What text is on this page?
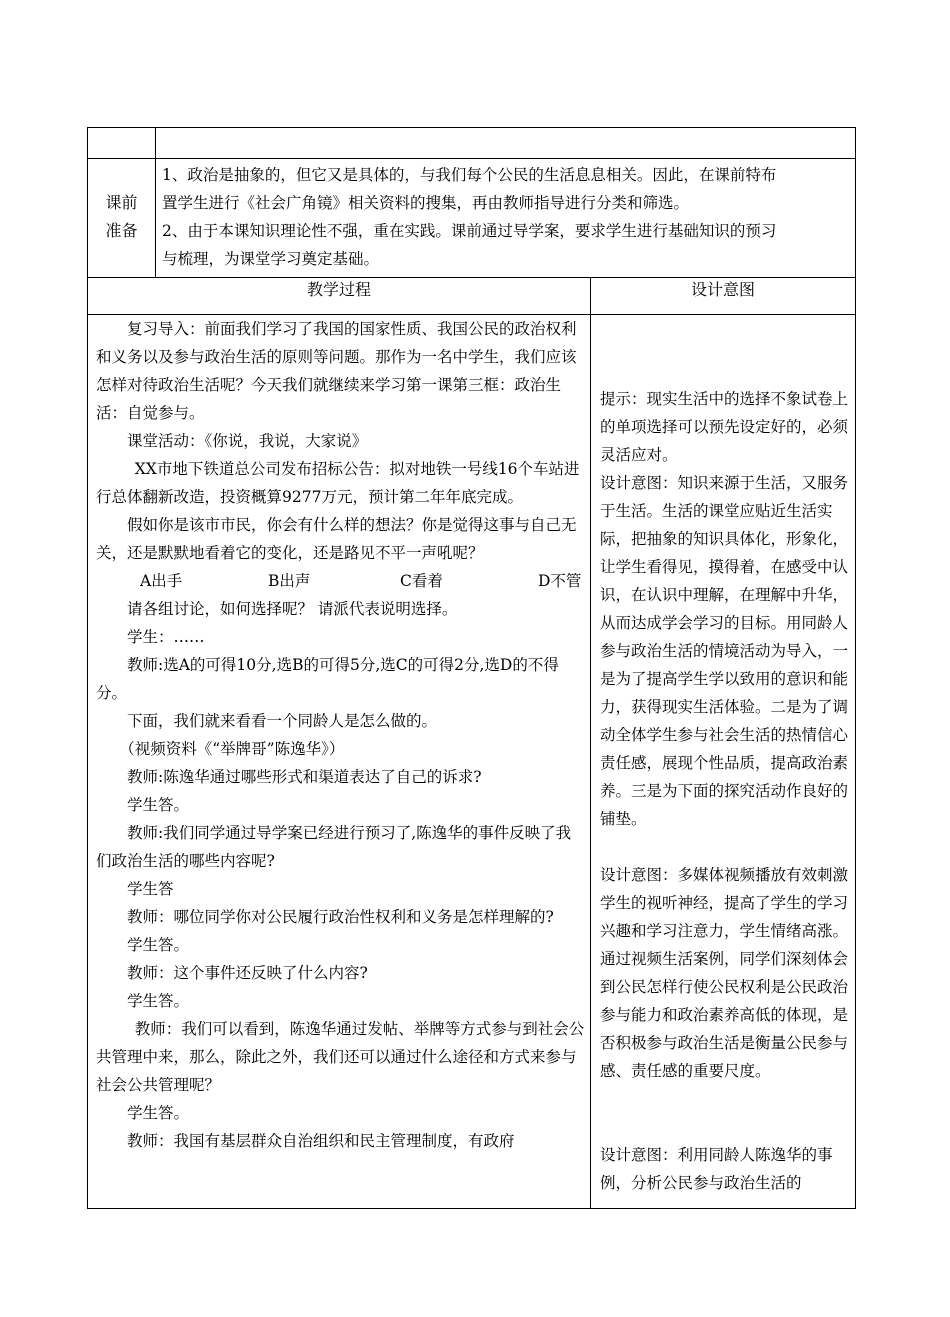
课前
准备

1、政治是抽象的，但它又是具体的，与我们每个公民的生活息息相关。因此，在课前特布

置学生进行《社会广角镜》相关资料的搜集，再由教师指导进行分类和筛选。

2、由于本课知识理论性不强，重在实践。课前通过导学案，要求学生进行基础知识的预习

与梳理，为课堂学习奠定基础。

教学过程	设计意图

复习导入：前面我们学习了我国的国家性质、我国公民的政治权利和义务以及参与政治生活的原则等问题。那作为一名中学生，我们应该怎样对待政治生活呢？今天我们就继续来学习第一课第三框：政治生活：自觉参与。

课堂活动：《你说，我说，大家说》

XX市地下铁道总公司发布招标公告：拟对地铁一号线16个车站进行总体翻新改造，投资概算9277万元，预计第二年年底完成。

假如你是该市市民，你会有什么样的想法？你是觉得这事与自己无关，还是默默地看着它的变化，还是路见不平一声吼呢？

A出手	B出声	C看着	D不管

请各组讨论，如何选择呢？ 请派代表说明选择。

学生：……

教师:选A的可得10分,选B的可得5分,选C的可得2分,选D的不得分。

下面，我们就来看看一个同龄人是怎么做的。

（视频资料《“举牌哥”陈逸华》）

教师:陈逸华通过哪些形式和渠道表达了自己的诉求?

学生答。

教师:我们同学通过导学案已经进行预习了,陈逸华的事件反映了我们政治生活的哪些内容呢?

学生答

教师：哪位同学你对公民履行政治性权利和义务是怎样理解的?

学生答。

教师：这个事件还反映了什么内容?

学生答。

教师：我们可以看到，陈逸华通过发帖、举牌等方式参与到社会公共管理中来，那么，除此之外，我们还可以通过什么途径和方式来参与社会公共管理呢？

学生答。

教师：我国有基层群众自治组织和民主管理制度，有政府

提示：现实生活中的选择不象试卷上的单项选择可以预先设定好的，必须灵活应对。

设计意图：知识来源于生活，又服务于生活。生活的课堂应贴近生活实际，把抽象的知识具体化，形象化，让学生看得见，摸得着，在感受中认识，在认识中理解，在理解中升华，从而达成学会学习的目标。用同龄人参与政治生活的情境活动为导入，一是为了提高学生学以致用的意识和能力，获得现实生活体验。二是为了调动全体学生参与社会生活的热情信心责任感，展现个性品质，提高政治素养。三是为下面的探究活动作良好的铺垫。

设计意图：多媒体视频播放有效刺激学生的视听神经，提高了学生的学习兴趣和学习注意力，学生情绪高涨。通过视频生活案例，同学们深刻体会到公民怎样行使公民权利是公民政治参与能力和政治素养高低的体现，是否积极参与政治生活是衡量公民参与感、责任感的重要尺度。

设计意图：利用同龄人陈逸华的事例，分析公民参与政治生活的
